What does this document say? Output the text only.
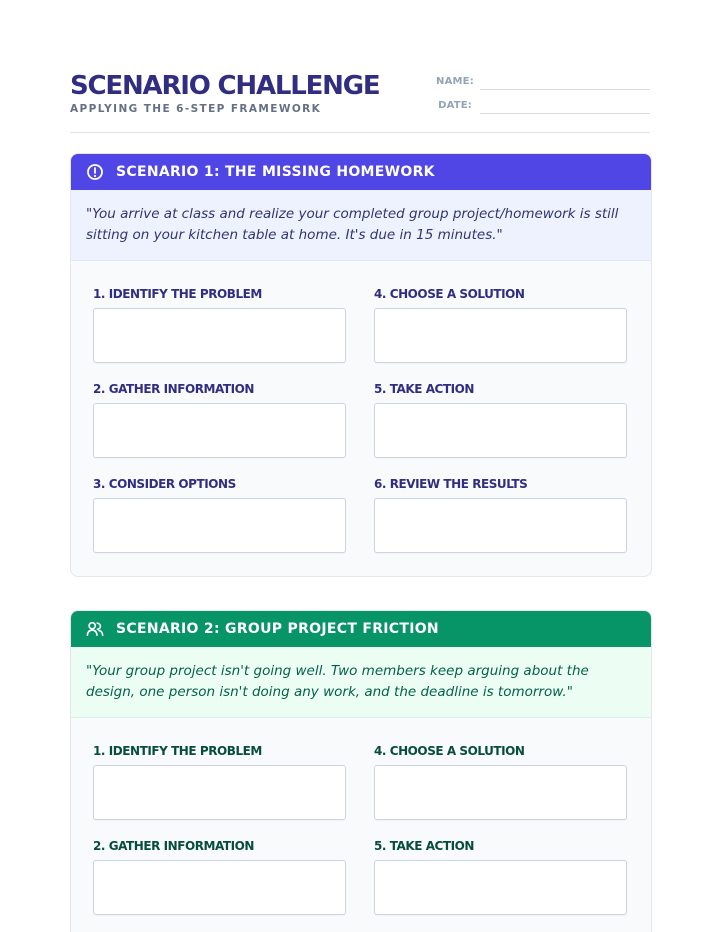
SCENARIO CHALLENGE
APPLYING THE 6-STEP FRAMEWORK
NAME:
DATE:
SCENARIO 1: THE MISSING HOMEWORK
"You arrive at class and realize your completed group project/homework is still sitting on your kitchen table at home. It's due in 15 minutes."
1. IDENTIFY THE PROBLEM
2. GATHER INFORMATION
3. CONSIDER OPTIONS
4. CHOOSE A SOLUTION
5. TAKE ACTION
6. REVIEW THE RESULTS
SCENARIO 2: GROUP PROJECT FRICTION
"Your group project isn't going well. Two members keep arguing about the design, one person isn't doing any work, and the deadline is tomorrow."
1. IDENTIFY THE PROBLEM
2. GATHER INFORMATION
4. CHOOSE A SOLUTION
5. TAKE ACTION
